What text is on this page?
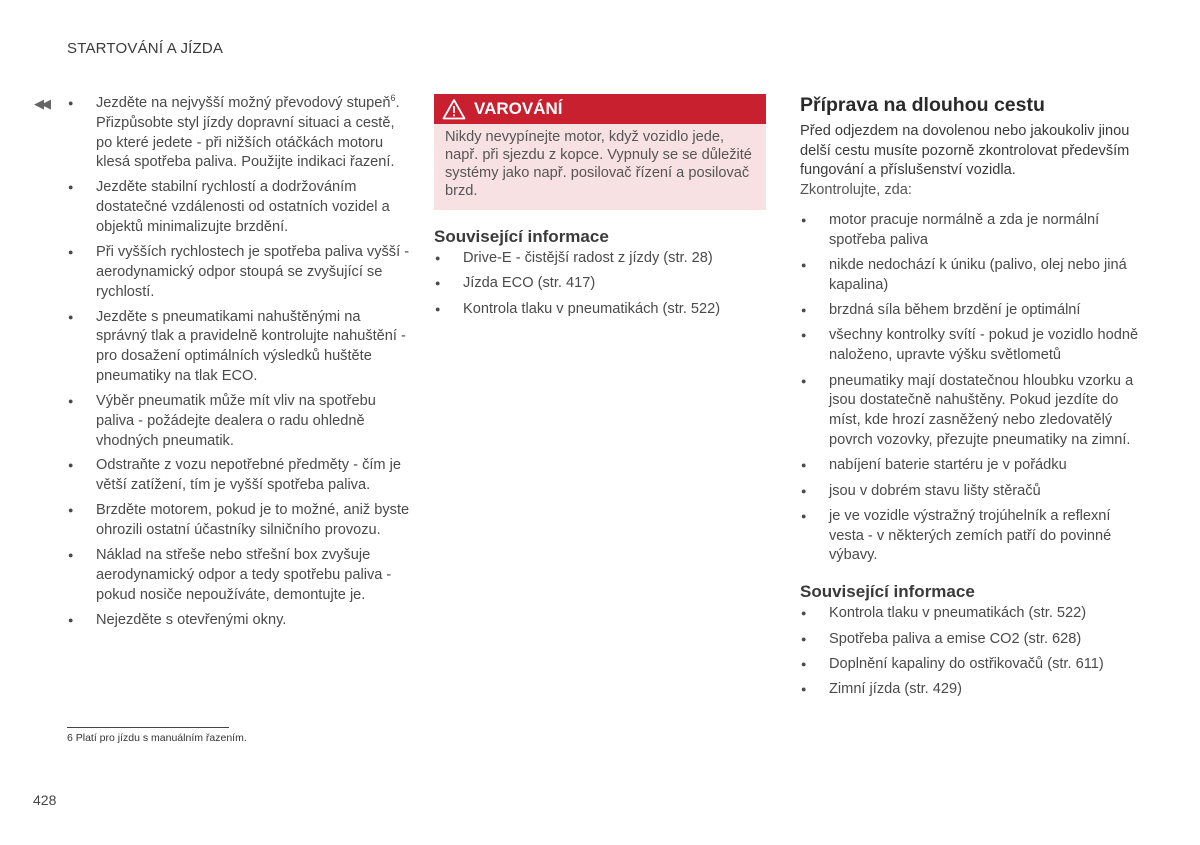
STARTOVÁNÍ A JÍZDA
◀◀
●	Jezděte na nejvyšší možný převodový stupeň$^6$. Přizpůsobte styl jízdy dopravní situaci a cestě, po které jedete - při nižších otáčkách motoru klesá spotřeba paliva. Použijte indikaci řazení.
● Jezděte stabilní rychlostí a dodržováním dostatečné vzdálenosti od ostatních vozidel a objektů minimalizujte brzdění.
● Při vyšších rychlostech je spotřeba paliva vyšší - aerodynamický odpor stoupá se zvyšující se rychlostí.
● Jezděte s pneumatikami nahuštěnými na správný tlak a pravidelně kontrolujte nahuštění - pro dosažení optimálních výsledků huštěte pneumatiky na tlak ECO.
● Výběr pneumatik může mít vliv na spotřebu paliva - požádejte dealera o radu ohledně vhodných pneumatik.
● Odstraňte z vozu nepotřebné předměty - čím je větší zatížení, tím je vyšší spotřeba paliva.
● Brzděte motorem, pokud je to možné, aniž byste ohrozili ostatní účastníky silničního provozu.
● Náklad na střeše nebo střešní box zvyšuje aerodynamický odpor a tedy spotřebu paliva - pokud nosiče nepoužíváte, demontujte je.
● Nejezděte s otevřenými okny.
VAROVÁNÍ
Nikdy nevypínejte motor, když vozidlo jede, např. při sjezdu z kopce. Vypnuly se se důležité systémy jako např. posilovač řízení a posilovač brzd.
Související informace
● Drive-E - čistější radost z jízdy (str. 28)
● Jízda ECO (str. 417)
● Kontrola tlaku v pneumatikách (str. 522)
Příprava na dlouhou cestu

Před odjezdem na dovolenou nebo jakoukoliv jinou delší cestu musíte pozorně zkontrolovat především fungování a příslušenství vozidla.

Zkontrolujte, zda:

● motor pracuje normálně a zda je normální spotřeba paliva
● nikde nedochází k úniku (palivo, olej nebo jiná kapalina)
● brzdná síla během brzdění je optimální
● všechny kontrolky svítí - pokud je vozidlo hodně naloženo, upravte výšku světlometů
● pneumatiky mají dostatečnou hloubku vzorku a jsou dostatečně nahuštěny. Pokud jezdíte do míst, kde hrozí zasněžený nebo zledovatělý povrch vozovky, přezujte pneumatiky na zimní.
● nabíjení baterie startéru je v pořádku
● jsou v dobrém stavu lišty stěračů
● je ve vozidle výstražný trojúhelník a reflexní vesta - v některých zemích patří do povinné výbavy.
Související informace
● Kontrola tlaku v pneumatikách (str. 522)
● Spotřeba paliva a emise CO2 (str. 628)
● Doplnění kapaliny do ostřikovačů (str. 611)
● Zimní jízda (str. 429)
6 Platí pro jízdu s manuálním řazením.
428
